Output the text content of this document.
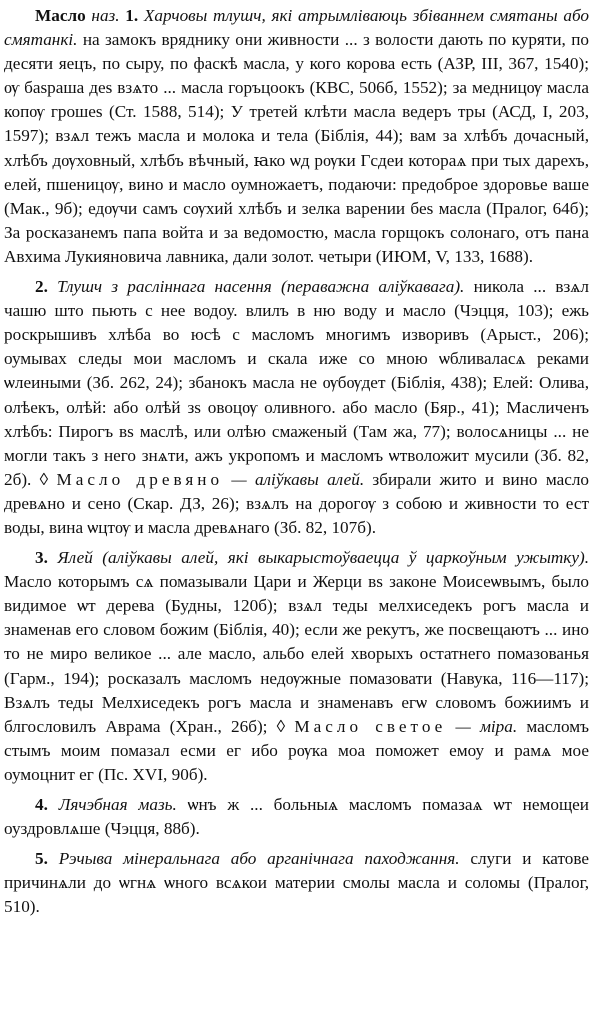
Масло наз. 1. Харчовы тлушч, які атрымліваюць збіваннем смятаны або смятанкі. на замокъ вряднику они живности ... з волости дають по куряти, по десяти яецъ, по сыру, по фаскѣ масла, у кого корова есть (АЗР, III, 367, 1540); ѹ баѕраша деѕ взѧто ... масла горъцоокъ (КВС, 506б, 1552); за медницѹ масла копѹ грошеѕ (Ст. 1588, 514); У третей клѣти масла ведеръ тры (АСД, I, 203, 1597); взѧл тежъ масла и молока и тела (Біблія, 44); вам за хлѣбъ дочасный, хлѣбъ дѹховный, хлѣбъ вѣчный, ꙗко ѡд рѹки Гсдеи котораѧ при тых дарехъ, елей, пшеницѹ, вино и масло оумножаетъ, подаючи: предоброе здоровье ваше (Мак., 9б); едѹчи самъ сѹхий хлѣбъ и зелка варении беѕ масла (Пралог, 64б); За росказанемъ папа войта и за ведомостю, масла горщокъ солонаго, отъ пана Авхима Лукияновича лавника, дали золот. четыри (ИЮМ, V, 133, 1688).

2. Тлушч з расліннага насення (пераважна аліўкавага). никола ... взѧл чашю што пьють с нее водоу. влилъ в ню воду и масло (Чэцця, 103); ежь роскрышивъ хлѣба во юсѣ с масломъ многимъ изворивъ (Арыст., 206); оумывах следы мои масломъ и скала иже со мною ѡбливаласѧ реками ѡлеиными (Зб. 262, 24); збанокъ масла не ѹбѹдет (Біблія, 438); Елей: Олива, олѣекъ, олѣй: або олѣй зѕ овоцѹ оливного. або масло (Бяр., 41); Масличенъ хлѣбъ: Пирогъ вѕ маслѣ, или олѣю смаженый (Там жа, 77); волосѧницы ... не могли такъ з него знѧти, ажъ укропомъ и масломъ ѡтволожит мусили (Зб. 82, 2б). ◊ Масло древяно — аліўкавы алей. збирали жито и вино масло древѧно и сено (Скар. ДЗ, 26); взѧлъ на дорогѹ з собою и живности то ест воды, вина ѡцтѹ и масла древѧнаго (Зб. 82, 107б).

3. Ялей (аліўкавы алей, які выкарыстоўваецца ў царкоўным ужытку). Масло которымъ сѧ помазывали Цари и Жерци вѕ законе Моисеѡвымъ, было видимое ѡт дерева (Будны, 120б); взѧл теды мелхиседекъ рогъ масла и знаменав его словом божим (Біблія, 40); если же рекутъ, же посвещаютъ ... ино то не миро великое ... але масло, альбо елей хворыхъ остатнего помазованья (Гарм., 194); росказалъ масломъ недѹжные помазовати (Навука, 116—117); Взѧлъ теды Мелхиседекъ рогъ масла и знаменавъ егѡ словомъ божиимъ и блгословилъ Аврама (Хран., 26б); ◊ Масло светое — міра. масломъ стымъ моим помазал есми ег ибо рѹка моа поможет емоу и рамѧ мое оумоцнит ег (Пс. XVI, 90б).

4. Лячэбная мазь. ѡнъ ж ... больныѧ масломъ помазаѧ ѡт немощеи оуздровлѧше (Чэцця, 88б).

5. Рэчыва мінеральнага або арганічнага паходжання. слуги и катове причинѧли до ѡгнѧ ѡного всѧкои материи смолы масла и соломы (Пралог, 510).
